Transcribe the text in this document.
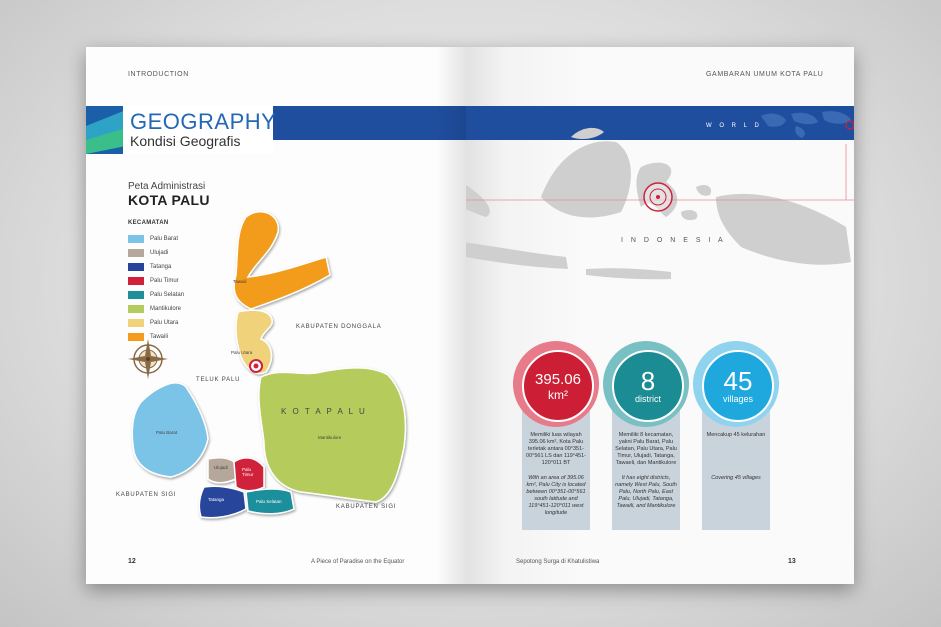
INTRODUCTION
GEOGRAPHY
Kondisi Geografis
Peta Administrasi
KOTA PALU
KECAMATAN
Palu Barat
Ulujadi
Tatanga
Palu Timur
Palu Selatan
Mantikulore
Palu Utara
Tawaili
Tawaili
Palu Utara
Palu Barat
Mantikulore
Ulujadi	Palu Timur
Tatanga	Palu Selatan
KABUPATEN DONGGALA
TELUK PALU
K O T A P A L U
KABUPATEN SIGI
KABUPATEN SIGI
12	A Piece of Paradise on the Equator
GAMBARAN UMUM KOTA PALU
W O R L D
I N D O N E S I A
395.06
km²
Memiliki luas wilayah 395.06 km², Kota Palu terletak antara 00°351-00°561 LS dan 119°451-120°011 BT
With an area of 395.06 km², Palu City is located between 00°351-00°561 south latitude and 119°451-120°011 west longitude
8
district
Memiliki 8 kecamatan, yakni Palu Barat, Palu Selatan, Palu Utara, Palu Timur, Ulujadi, Tatanga, Tawaeli, dan Mantikulore
It has eight districts, namely West Palu, South Palu, North Palu, East Palu, Ulujadi, Tatanga, Tawaili, and Mantikulore
45
villages
Mencakup 45 kelurahan
Covering 45 villages
Sepotong Surga di Khatulistiwa	13
